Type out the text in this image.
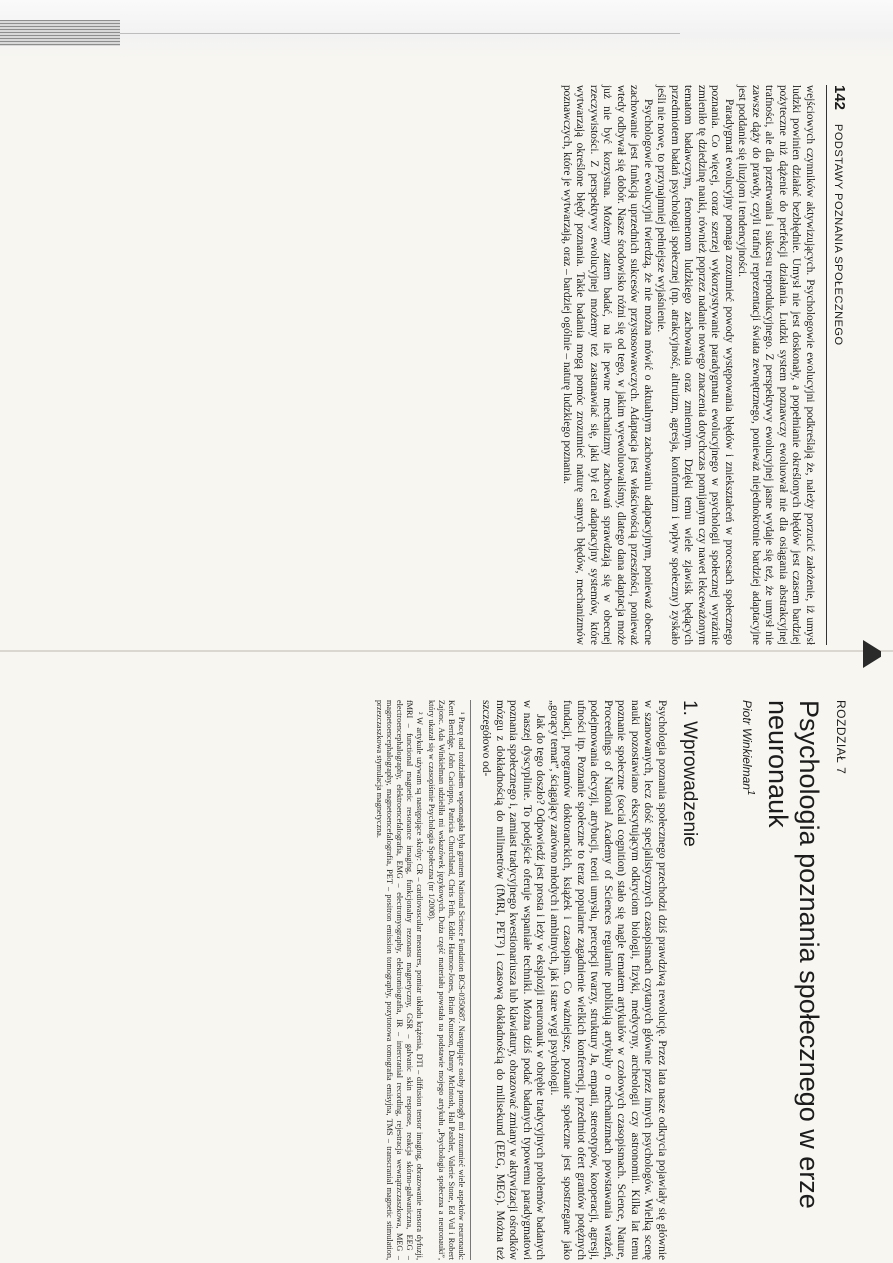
142
PODSTAWY POZNANIA SPOŁECZNEGO

wejściowych czynników aktywizujących. Psychologowie ewolucyjni podkreślają że, należy porzucić założenie, iż umysł ludzki powinien działać bezbłędnie. Umysł nie jest doskonały, a popełnianie określonych błędów jest czasem bardziej pożyteczne niż dążenie do perfekcji działania. Ludzki system poznawczy ewoluował nie dla osiągania abstrakcyjnej trafności, ale dla przetrwania i sukcesu reprodukcyjnego. Z perspektywy ewolucyjnej jasne wydaje się też, że umysł nie zawsze dąży do prawdy, czyli trafnej reprezentacji świata zewnętrznego, ponieważ niejednokrotnie bardziej adaptacyjne jest poddanie się iluzjom i tendencyjności.

Paradygmat ewolucyjny pomaga zrozumieć powody występowania błędów i zniekształceń w procesach społecznego poznania. Co więcej, coraz szerzej wykorzystywanie paradygmatu ewolucyjnego w psychologii społecznej wyraźnie zmieniło tę dziedzinę nauki, również poprzez nadanie nowego znaczenia dotychczas pomijanym czy nawet lekceważonym tematom badawczym, fenomenom ludzkiego zachowania oraz zmiennym. Dzięki temu wiele zjawisk będących przedmiotem badań psychologii społecznej (np. atrakcyjność, altruizm, agresja, konformizm i wpływ społeczny) zyskało jeśli nie nowe, to przynajmniej pełniejsze wyjaśnienie.

Psychologowie ewolucyjni twierdzą, że nie można mówić o aktualnym zachowaniu adaptacyjnym, ponieważ obecne zachowanie jest funkcją uprzednich sukcesów przystosowawczych. Adaptacja jest właściwością przeszłości, ponieważ wtedy odbywał się dobór. Nasze środowisko różni się od tego, w jakim wyewoluowaliśmy, dlatego dana adaptacja może już nie być korzystna. Możemy zatem badać, na ile pewne mechanizmy zachowań sprawdzają się w obecnej rzeczywistości. Z perspektywy ewolucyjnej możemy też zastanawiać się, jaki był cel adaptacyjny systemów, które wytwarzają określone błędy poznania. Takie badania mogą pomóc zrozumieć naturę samych błędów, mechanizmów poznawczych, które je wytwarzają, oraz – bardziej ogólnie – naturę ludzkiego poznania.

ROZDZIAŁ 7
Psychologia poznania społecznego w erze neuronauk
Piotr Winkielman$^1$
1. Wprowadzenie

Psychologia poznania społecznego przechodzi dziś prawdziwą rewolucję. Przez lata nasze odkrycia pojawiały się głównie w szanowanych, lecz dość specjalistycznych czasopismach czytanych głównie przez innych psychologów. Wielką scenę nauki pozostawiano ekscytującym odkryciom biologii, fizyki, medycyny, archeologii czy astronomii. Kilka lat temu poznanie społeczne (social cognition) stało się nagle tematem artykułów w czołowych czasopismach. Science, Nature, Proceedings of National Academy of Sciences regularnie publikują artykuły o mechanizmach powstawania wrażeń, podejmowania decyzji, atrybucji, teorii umysłu, percepcji twarzy, struktury Ja, empatii, stereotypów, kooperacji, agresji, ufności itp. Poznanie społeczne to teraz popularne zagadnienie wielkich konferencji, przedmiot ofert grantów potężnych fundacji, programów doktoranckich, książek i czasopism. Co ważniejsze, poznanie społeczne jest spostrzegane jako „gorący temat”, ściągający zarówno młodych i ambitnych, jak i stare wygi psychologii.

Jak do tego doszło? Odpowiedź jest prosta i leży w eksplozji neuronauk w obrębie tradycyjnych problemów badanych w naszej dyscyplinie. To podejście oferuje wspaniałe techniki. Można dziś podać badanych typowemu paradygmatowi poznania społecznego i, zamiast tradycyjnego kwestionariusza lub klawiatury, obrazować zmiany w aktywizacji ośrodków mózgu z dokładnością do milimetrów (fMRI, PET²) i czasową dokładnością do milisekund (EEG, MEG). Można też szczegółowo od-

¹ Pracę nad rozdziałem wspomagała była grantem National Science Fundation BCS-0350687. Następujące osoby pomogły mi zrozumieć wiele aspektów neuronauk: Kent Berridge, John Cacioppo, Patricia Churchland, Chris Frith, Eddie Harmon-Jones, Brian Knutson, Danny McIntosh, Hal Pashler, Valerie Stone, Ed Vul i Robert Zajonc. Ada Winkielman udzieliła mi wskazówek językowych. Duża część materiału powstała na podstawie mojego artykułu „Psychologia społeczna a neuronauki”, który ukazał się w czasopiśmie Psychologia Społeczna (nr 1/2008).

² W artykule używam są następujące skróty: CR – cardiovascular measures, pomiar układu krążenia, DTI – diffusion tensor imaging, obrazowanie tensora dyfuzji, fMRI – functional magnetic resonance imaging, funkcjonalny rezonans magnetyczny, GSR – galvanic skin response, reakcja skórno-galwaniczna, EEG – electroencephalography, elektroencefalografia, EMG – electromyography, elektromiografia, IR – intercranial recording, rejestracja wewnątrzczaszkowa, MEG – magnetoencephalography, magnetoencefalografia, PET – positron emission tomography, pozytonowa tomografia emisyjna, TMS – transcranial magnetic stimulation, przezczaszkowa stymulacja magnetyczna.
